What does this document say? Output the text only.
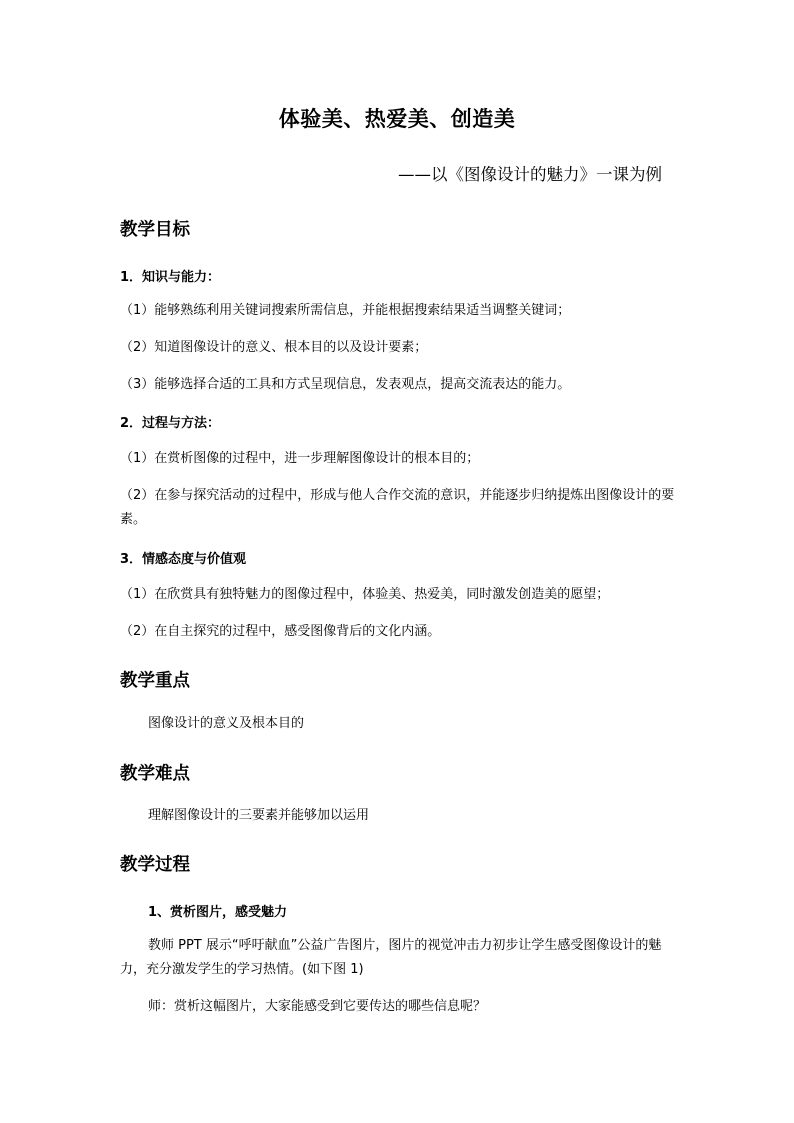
体验美、热爱美、创造美
——以《图像设计的魅力》一课为例
教学目标
1．知识与能力：
（1）能够熟练利用关键词搜索所需信息，并能根据搜索结果适当调整关键词；
（2）知道图像设计的意义、根本目的以及设计要素；
（3）能够选择合适的工具和方式呈现信息，发表观点，提高交流表达的能力。
2．过程与方法：
（1）在赏析图像的过程中，进一步理解图像设计的根本目的；
（2）在参与探究活动的过程中，形成与他人合作交流的意识，并能逐步归纳提炼出图像设计的要素。
3．情感态度与价值观
（1）在欣赏具有独特魅力的图像过程中，体验美、热爱美，同时激发创造美的愿望；
（2）在自主探究的过程中，感受图像背后的文化内涵。
教学重点
图像设计的意义及根本目的
教学难点
理解图像设计的三要素并能够加以运用
教学过程
1、赏析图片，感受魅力
教师 PPT 展示“呼吁献血”公益广告图片，图片的视觉冲击力初步让学生感受图像设计的魅力，充分激发学生的学习热情。(如下图 1)
师：赏析这幅图片，大家能感受到它要传达的哪些信息呢？
